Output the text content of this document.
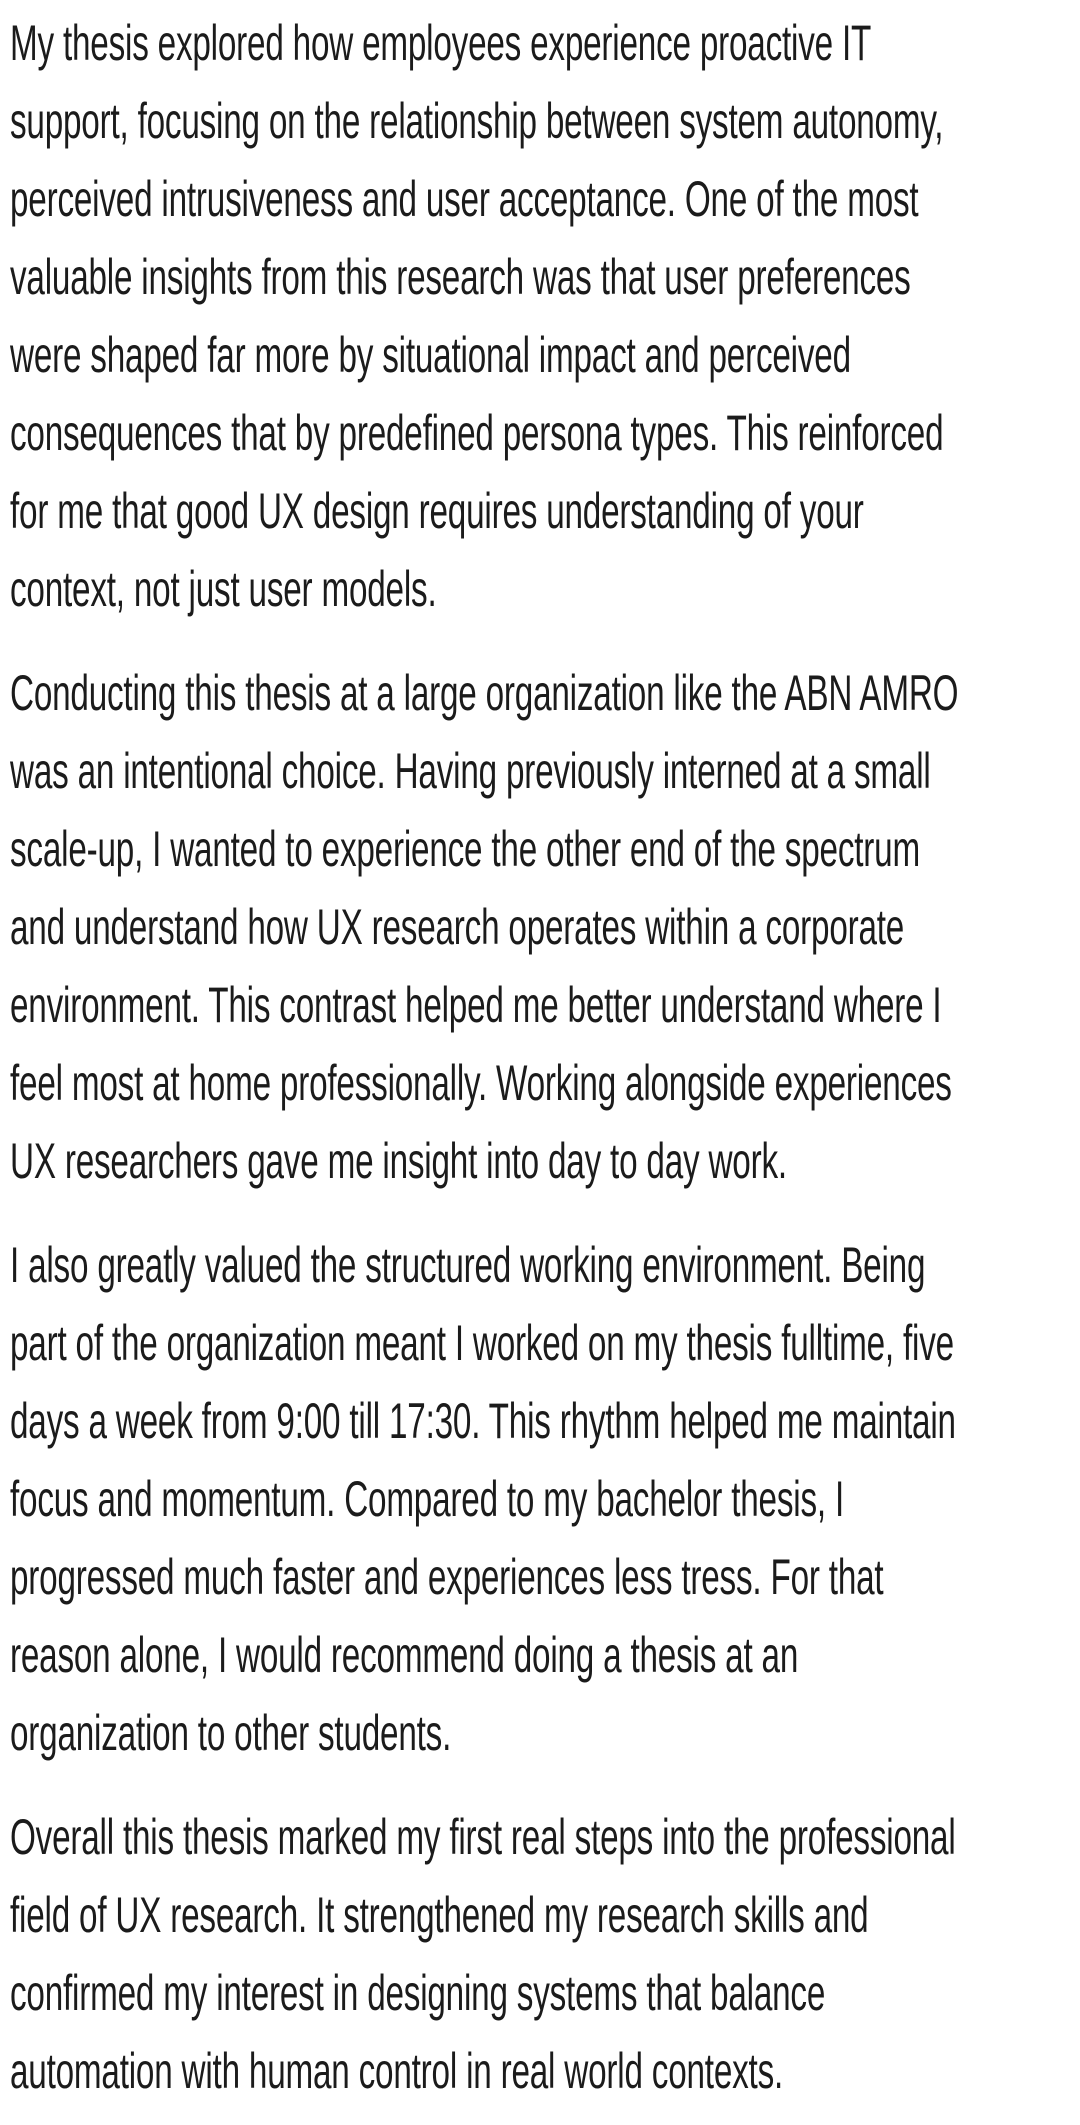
My thesis explored how employees experience proactive IT
support, focusing on the relationship between system autonomy,
perceived intrusiveness and user acceptance. One of the most
valuable insights from this research was that user preferences
were shaped far more by situational impact and perceived
consequences that by predefined persona types. This reinforced
for me that good UX design requires understanding of your
context, not just user models.
Conducting this thesis at a large organization like the ABN AMRO
was an intentional choice. Having previously interned at a small
scale-up, I wanted to experience the other end of the spectrum
and understand how UX research operates within a corporate
environment. This contrast helped me better understand where I
feel most at home professionally. Working alongside experiences
UX researchers gave me insight into day to day work.
I also greatly valued the structured working environment. Being
part of the organization meant I worked on my thesis fulltime, five
days a week from 9:00 till 17:30. This rhythm helped me maintain
focus and momentum. Compared to my bachelor thesis, I
progressed much faster and experiences less tress. For that
reason alone, I would recommend doing a thesis at an
organization to other students.
Overall this thesis marked my first real steps into the professional
field of UX research. It strengthened my research skills and
confirmed my interest in designing systems that balance
automation with human control in real world contexts.
